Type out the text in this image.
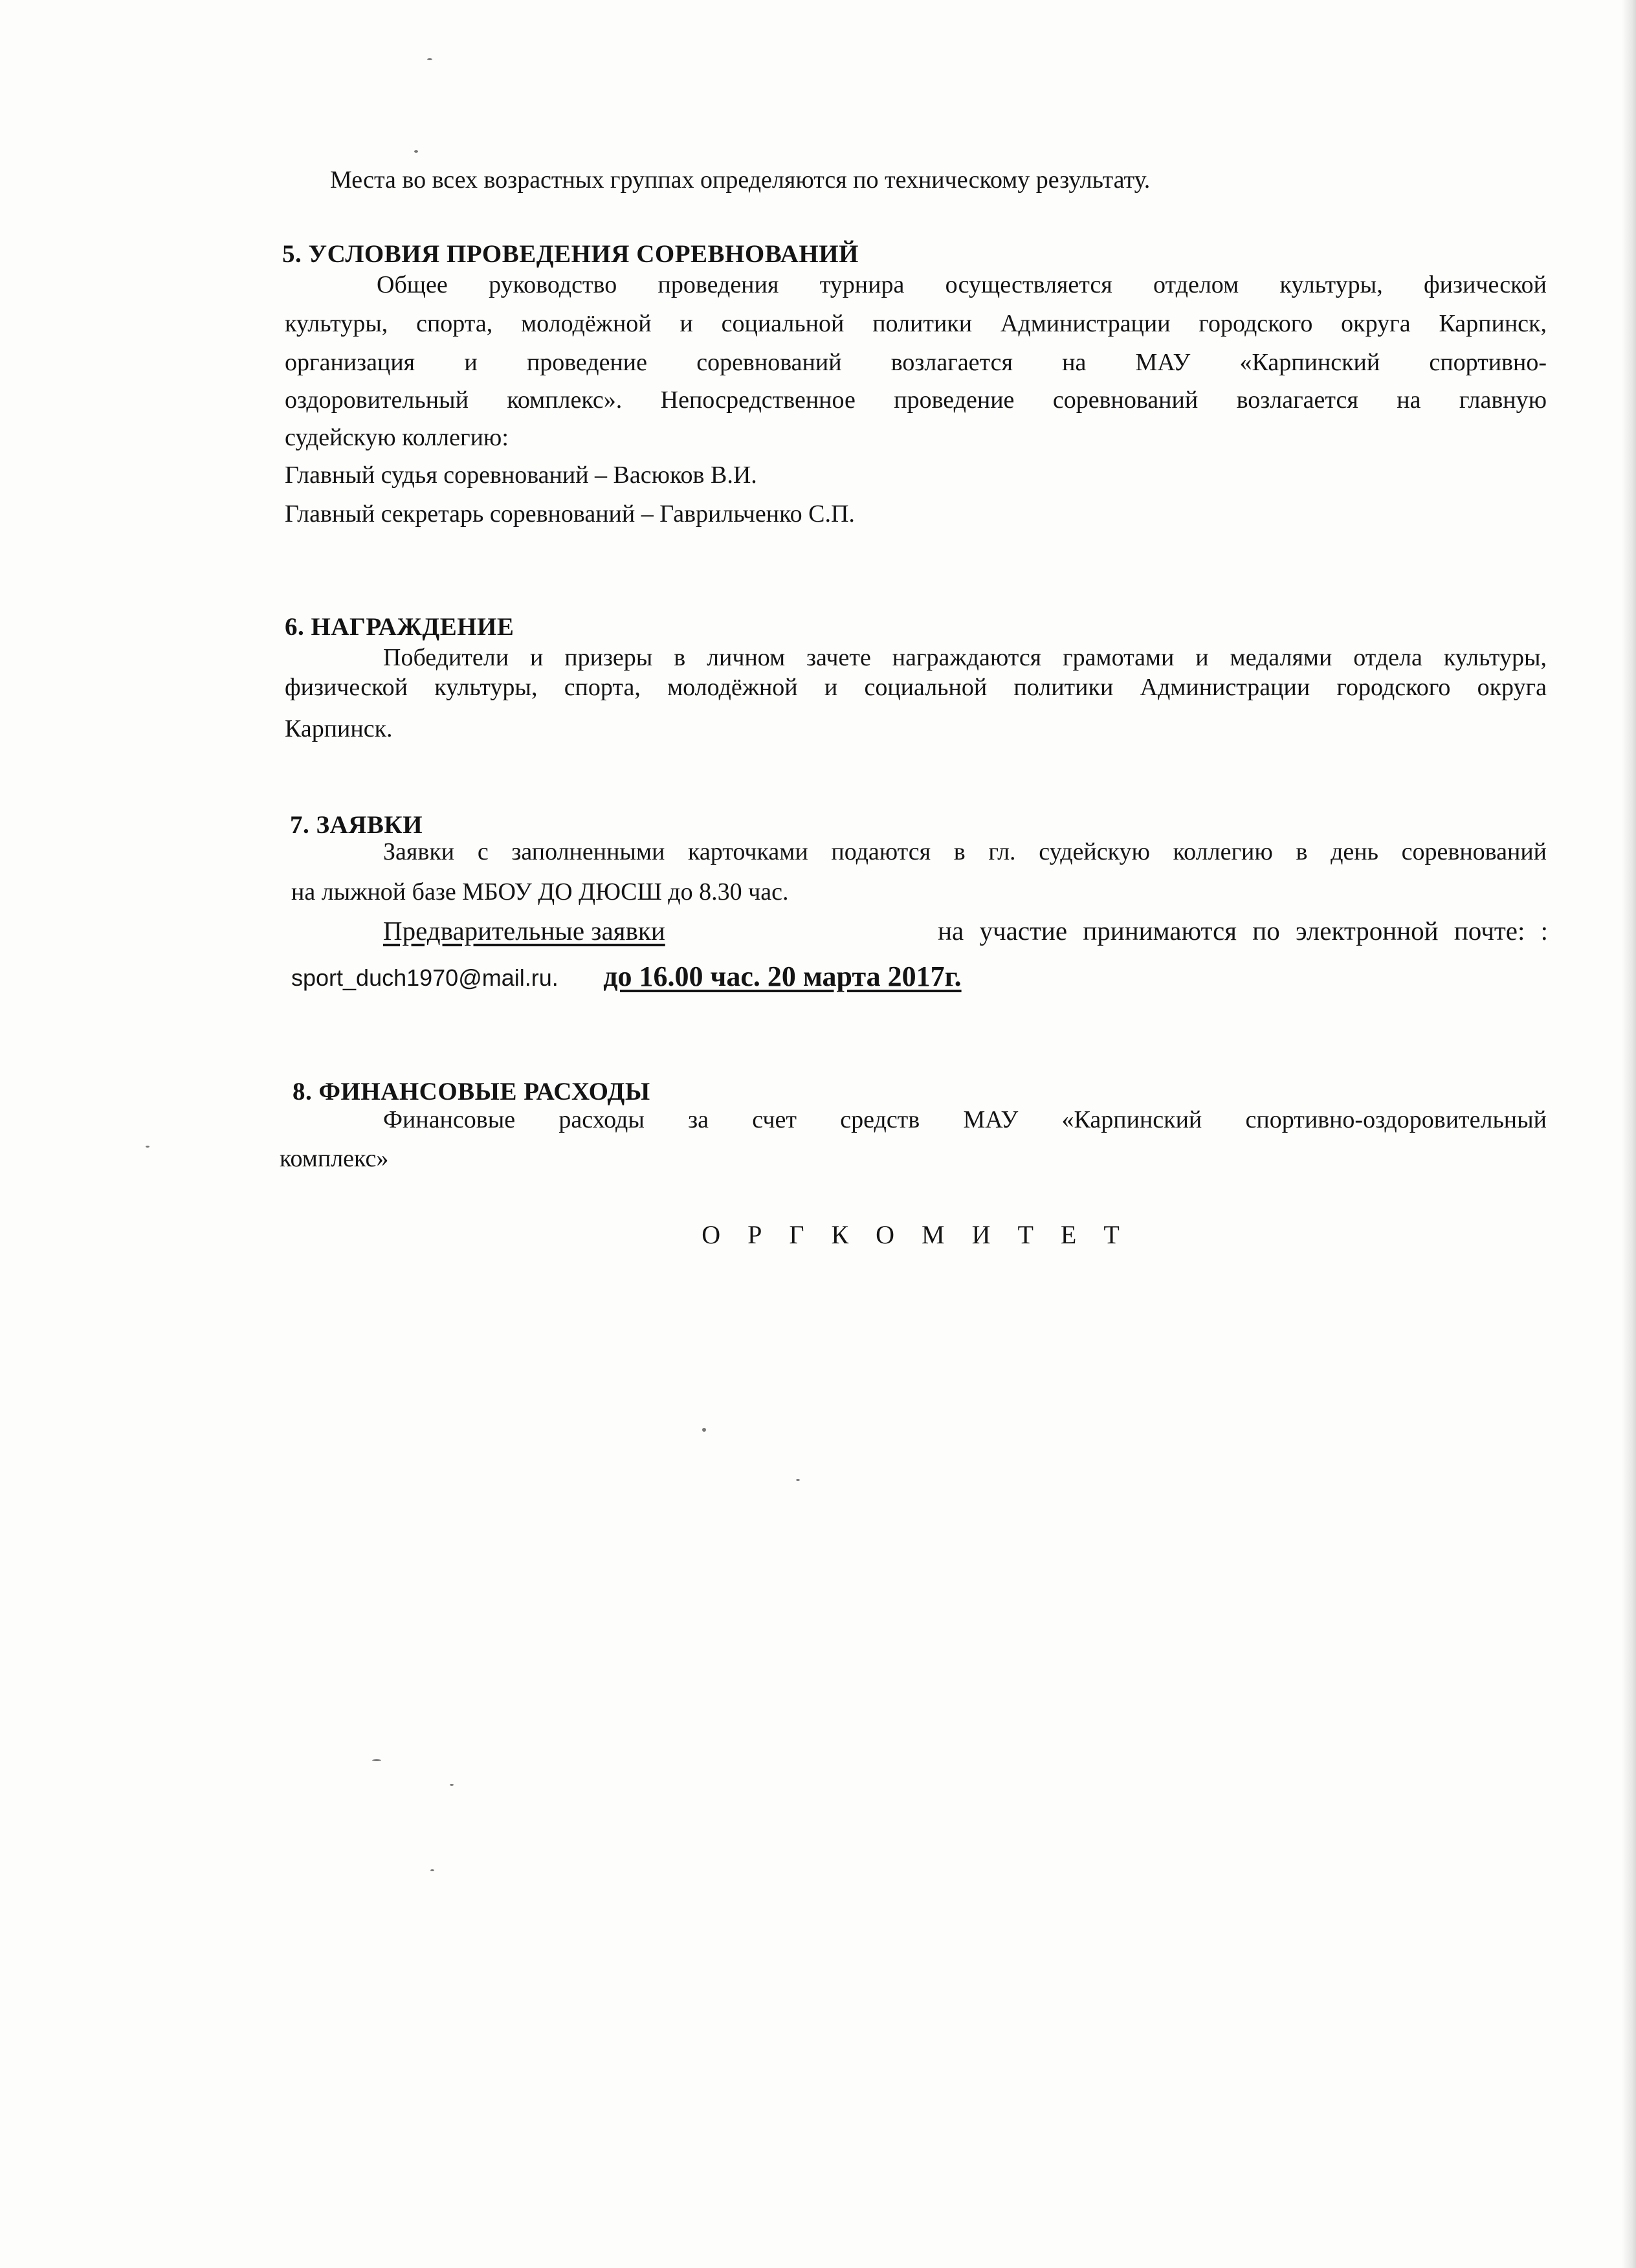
Места во всех возрастных группах определяются по техническому результату.
5. УСЛОВИЯ ПРОВЕДЕНИЯ СОРЕВНОВАНИЙ
Общее руководство проведения турнира осуществляется отделом культуры, физической
культуры, спорта, молодёжной и социальной политики Администрации городского округа Карпинск,
организация и проведение соревнований возлагается на МАУ «Карпинский спортивно-
оздоровительный комплекс». Непосредственное проведение соревнований возлагается на главную
судейскую коллегию:
Главный судья соревнований – Васюков В.И.
Главный секретарь соревнований – Гаврильченко С.П.
6. НАГРАЖДЕНИЕ
Победители и призеры в личном зачете награждаются грамотами и медалями отдела культуры,
физической культуры, спорта, молодёжной и социальной политики Администрации городского округа
Карпинск.
7. ЗАЯВКИ
Заявки с заполненными карточками подаются в гл. судейскую коллегию в день соревнований
на лыжной базе МБОУ ДО ДЮСШ до 8.30 час.
Предварительные заявки	на участие принимаются по электронной почте: :
sport_duch1970@mail.ru. до 16.00 час. 20 марта 2017г.
8. ФИНАНСОВЫЕ РАСХОДЫ
Финансовые расходы за счет средств МАУ «Карпинский спортивно-оздоровительный
комплекс»
О Р Г К О М И Т Е Т
